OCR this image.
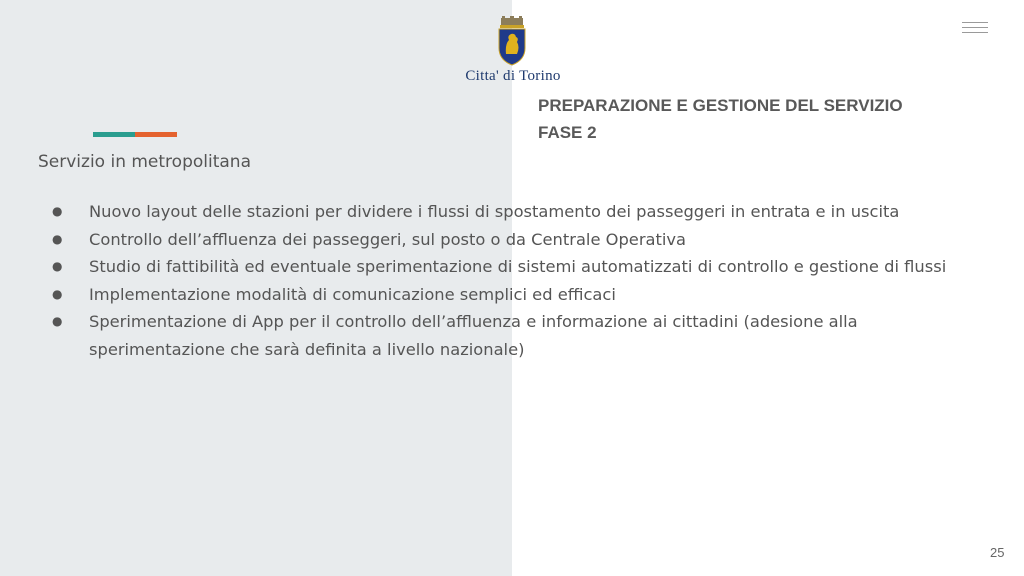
Citta' di Torino
PREPARAZIONE E GESTIONE DEL SERVIZIO
FASE 2
Servizio in metropolitana
● Nuovo layout delle stazioni per dividere i flussi di spostamento dei passeggeri in entrata e in uscita
● Controllo dell’affluenza dei passeggeri, sul posto o da Centrale Operativa
● Studio di fattibilità ed eventuale sperimentazione di sistemi automatizzati di controllo e gestione di flussi
● Implementazione modalità di comunicazione semplici ed efficaci
● Sperimentazione di App per il controllo dell’affluenza e informazione ai cittadini (adesione alla sperimentazione che sarà definita a livello nazionale)
25
